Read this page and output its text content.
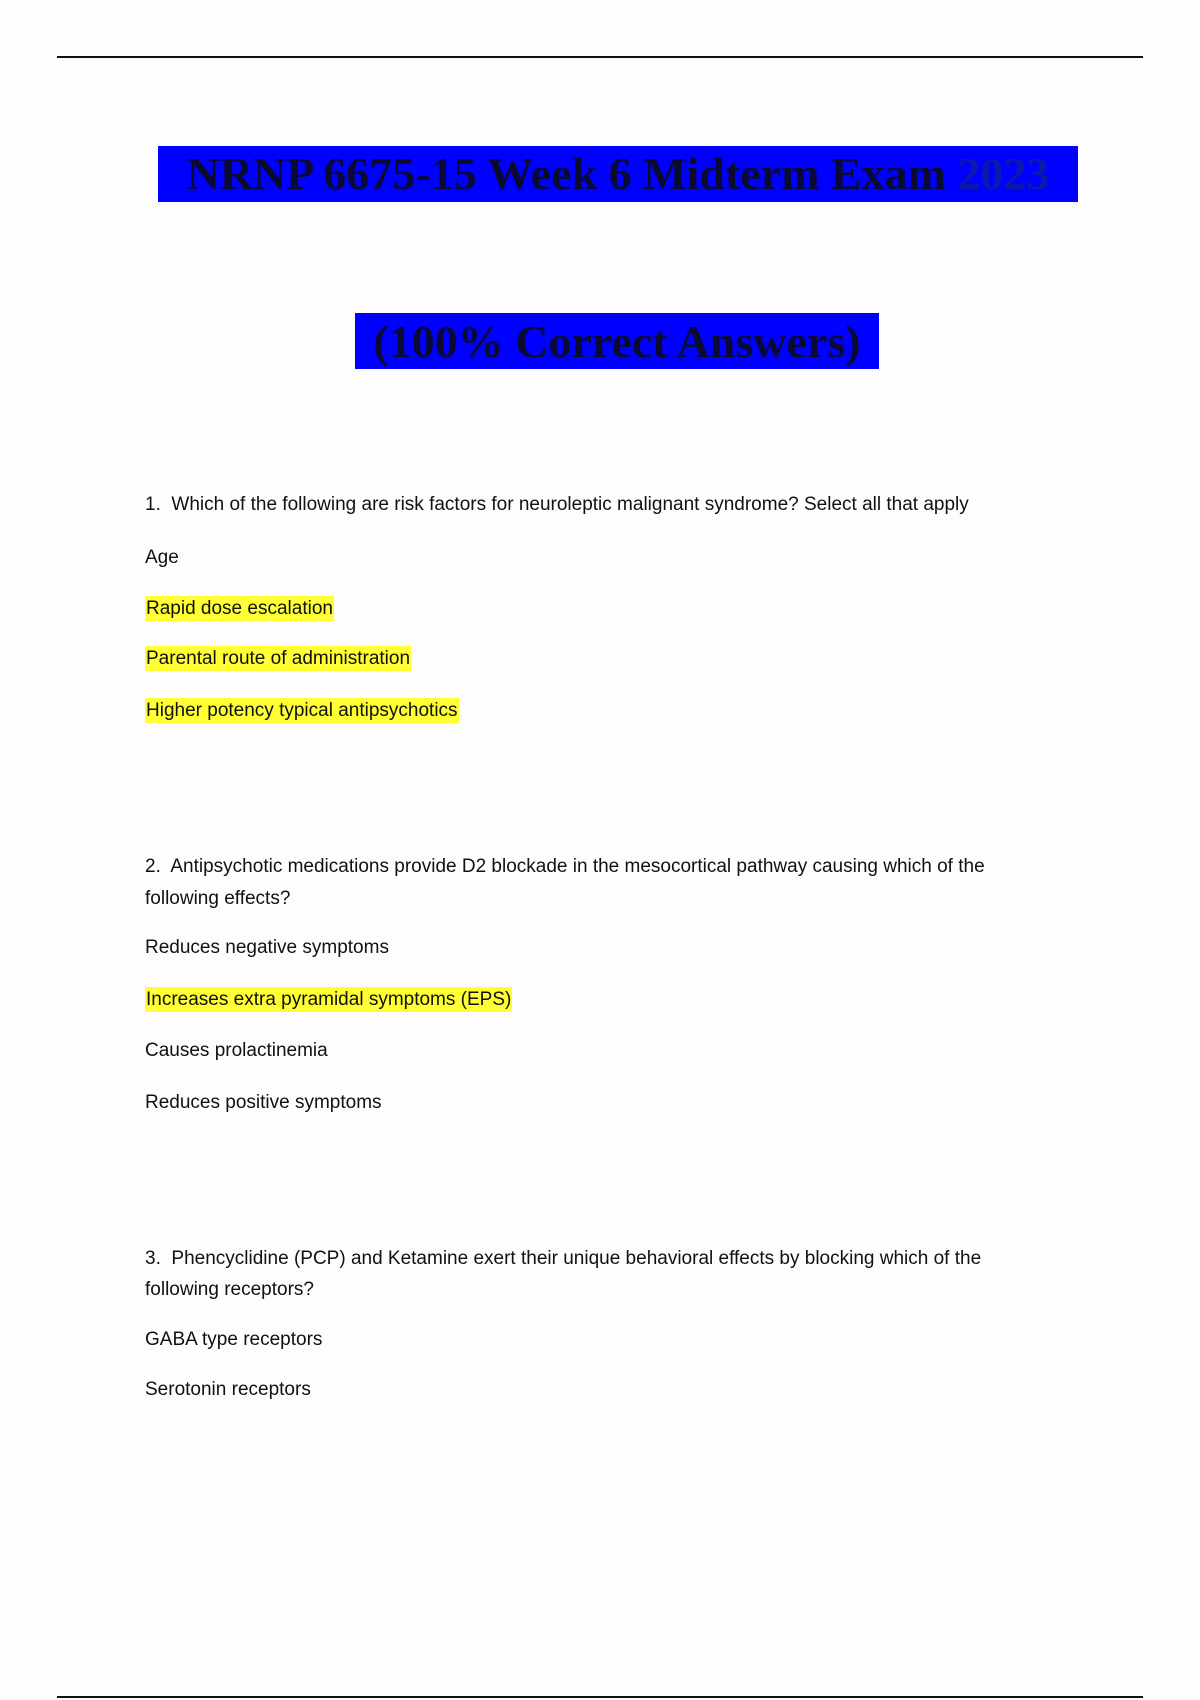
NRNP 6675-15 Week 6 Midterm Exam 2023
(100% Correct Answers)
1. Which of the following are risk factors for neuroleptic malignant syndrome? Select all that apply
Age
Rapid dose escalation
Parental route of administration
Higher potency typical antipsychotics
2. Antipsychotic medications provide D2 blockade in the mesocortical pathway causing which of the following effects?
Reduces negative symptoms
Increases extra pyramidal symptoms (EPS)
Causes prolactinemia
Reduces positive symptoms
3. Phencyclidine (PCP) and Ketamine exert their unique behavioral effects by blocking which of the following receptors?
GABA type receptors
Serotonin receptors
